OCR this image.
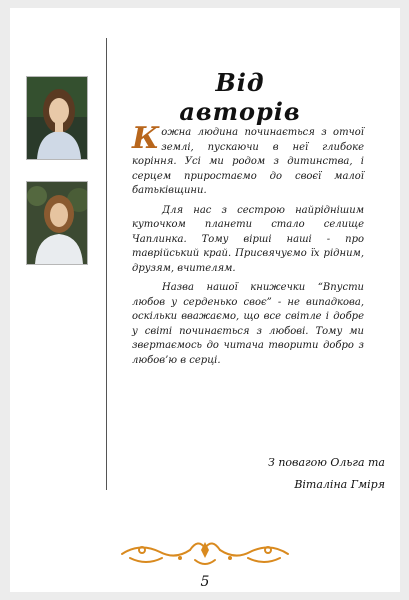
Від авторів

Кожна людина починається з отчої землі, пускаючи в неї глибоке коріння. Усі ми родом з дитинства, і серцем приростаємо до своєї малої батьківщини.

Для нас з сестрою найрiднішим куточком планети стало селище Чаплинка. Тому вірші наші - про таврійський край. Присвячуємо їх рідним, друзям, вчителям.

Назва нашої книжечки “Впусти любов у серденько своє” - не випадкова, оскільки вважаємо, що все світле і добре у світі починається з любові. Тому ми звертаємось до читача творити добро з любов’ю в серці.

З повагою Ольга та
Віталіна Гміря
5
